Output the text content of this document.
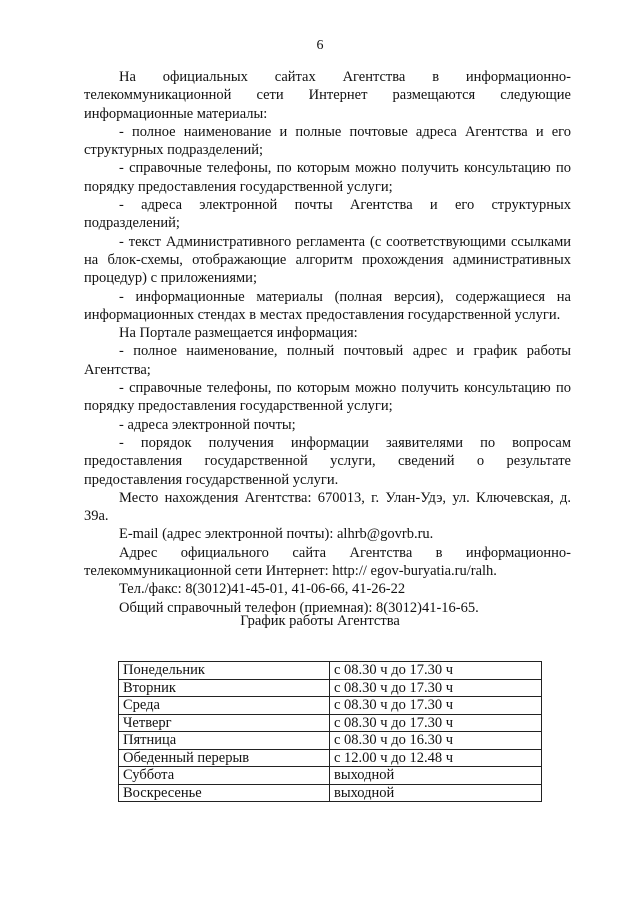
6

На официальных сайтах Агентства в информационно-телекоммуникационной сети Интернет размещаются следующие информационные материалы:

- полное наименование и полные почтовые адреса Агентства и его структурных подразделений;

- справочные телефоны, по которым можно получить консультацию по порядку предоставления государственной услуги;

- адреса электронной почты Агентства и его структурных подразделений;

- текст Административного регламента (с соответствующими ссылками на блок-схемы, отображающие алгоритм прохождения административных процедур) с приложениями;

- информационные материалы (полная версия), содержащиеся на информационных стендах в местах предоставления государственной услуги.

На Портале размещается информация:

- полное наименование, полный почтовый адрес и график работы Агентства;

- справочные телефоны, по которым можно получить консультацию по порядку предоставления государственной услуги;

- адреса электронной почты;

- порядок получения информации заявителями по вопросам предоставления государственной услуги, сведений о результате предоставления государственной услуги.

Место нахождения Агентства: 670013, г. Улан-Удэ, ул. Ключевская, д. 39а.

E-mail (адрес электронной почты): alhrb@govrb.ru.

Адрес официального сайта Агентства в информационно-телекоммуникационной сети Интернет: http:// egov-buryatia.ru/ralh.

Тел./факс: 8(3012)41-45-01, 41-06-66, 41-26-22

Общий справочный телефон (приемная): 8(3012)41-16-65.

График работы Агентства
Понедельник	с 08.30 ч до 17.30 ч
Вторник	с 08.30 ч до 17.30 ч
Среда	с 08.30 ч до 17.30 ч
Четверг	с 08.30 ч до 17.30 ч
Пятница	с 08.30 ч до 16.30 ч
Обеденный перерыв	с 12.00 ч до 12.48 ч
Суббота	выходной
Воскресенье	выходной
